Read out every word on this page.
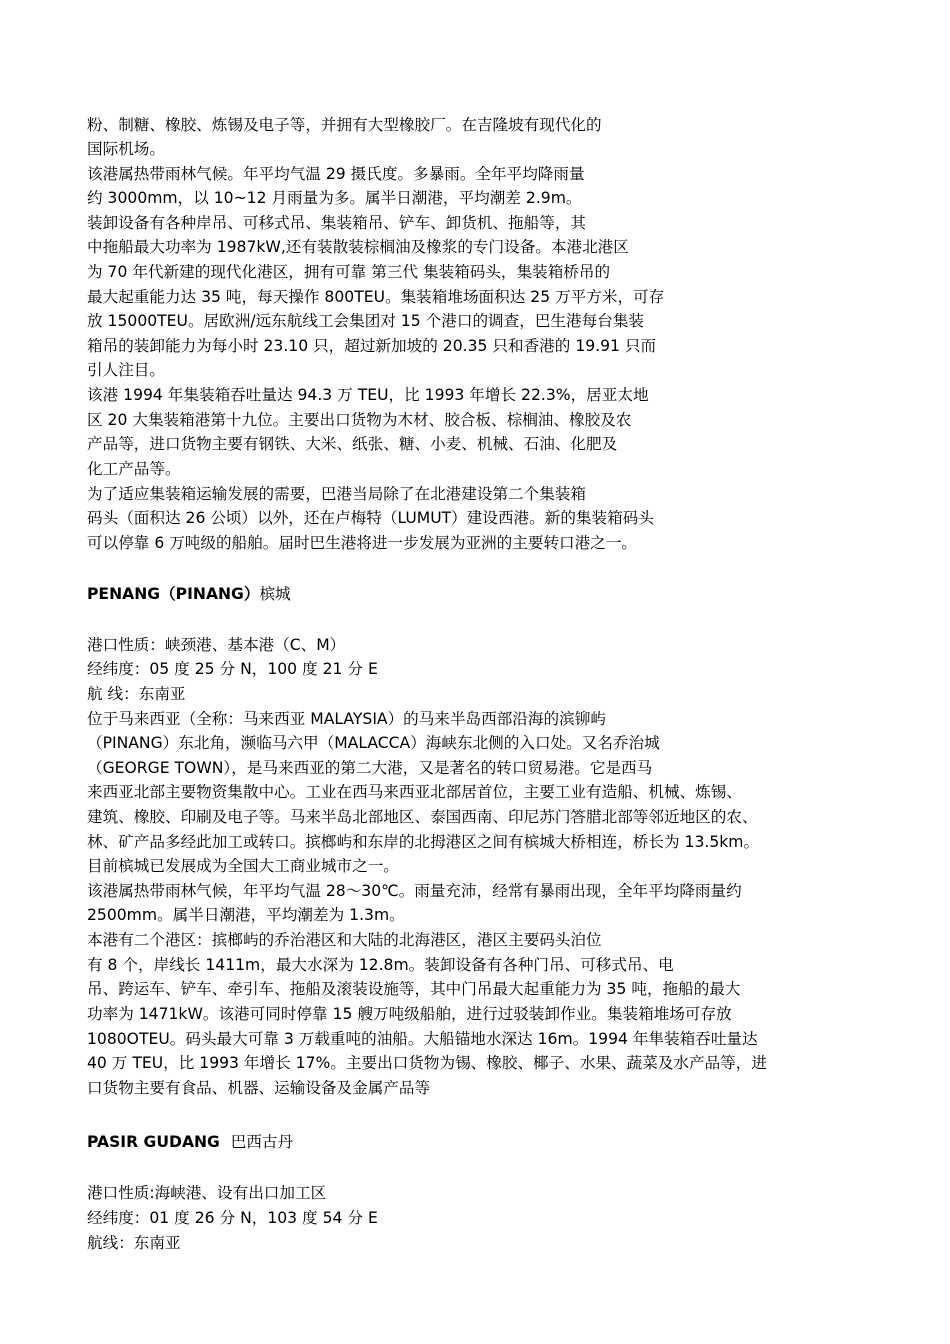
粉、制糖、橡胶、炼锡及电子等，并拥有大型橡胶厂。在吉隆坡有现代化的
国际机场。
该港属热带雨林气候。年平均气温 29 摄氏度。多暴雨。全年平均降雨量
约 3000mm，以 10~12 月雨量为多。属半日潮港，平均潮差 2.9m。
装卸设备有各种岸吊、可移式吊、集装箱吊、铲车、卸货机、拖船等，其
中拖船最大功率为 1987kW,还有装散装棕榈油及橡浆的专门设备。本港北港区
为 70 年代新建的现代化港区，拥有可靠 第三代 集装箱码头，集装箱桥吊的
最大起重能力达 35 吨，每天操作 800TEU。集装箱堆场面积达 25 万平方米，可存
放 15000TEU。居欧洲/远东航线工会集团对 15 个港口的调查，巴生港每台集装
箱吊的装卸能力为每小时 23.10 只，超过新加坡的 20.35 只和香港的 19.91 只而
引人注目。
该港 1994 年集装箱吞吐量达 94.3 万 TEU，比 1993 年增长 22.3%，居亚太地
区 20 大集装箱港第十九位。主要出口货物为木材、胶合板、棕榈油、橡胶及农
产品等，进口货物主要有钢铁、大米、纸张、糖、小麦、机械、石油、化肥及
化工产品等。
为了适应集装箱运输发展的需要，巴港当局除了在北港建设第二个集装箱
码头（面积达 26 公顷）以外，还在卢梅特（LUMUT）建设西港。新的集装箱码头
可以停靠 6 万吨级的船舶。届时巴生港将进一步发展为亚洲的主要转口港之一。
PENANG（PINANG）槟城
港口性质：峡颈港、基本港（C、M）
经纬度：05 度 25 分 N，100 度 21 分 E
航 线：东南亚
位于马来西亚（全称：马来西亚 MALAYSIA）的马来半岛西部沿海的滨铆屿
（PINANG）东北角，濒临马六甲（MALACCA）海峡东北侧的入口处。又名乔治城
（GEORGE TOWN），是马来西亚的第二大港，又是著名的转口贸易港。它是西马
来西亚北部主要物资集散中心。工业在西马来西亚北部居首位，主要工业有造船、机械、炼锡、
建筑、橡胶、印刷及电子等。马来半岛北部地区、泰国西南、印尼苏门答腊北部等邻近地区的农、
林、矿产品多经此加工或转口。摈榔屿和东岸的北拇港区之间有槟城大桥相连，桥长为 13.5km。
目前槟城已发展成为全国大工商业城市之一。
该港属热带雨林气候，年平均气温 28～30℃。雨量充沛，经常有暴雨出现，全年平均降雨量约
2500mm。属半日潮港，平均潮差为 1.3m。
本港有二个港区：摈榔屿的乔治港区和大陆的北海港区，港区主要码头泊位
有 8 个，岸线长 1411m，最大水深为 12.8m。装卸设备有各种门吊、可移式吊、电
吊、跨运车、铲车、牵引车、拖船及滚装设施等，其中门吊最大起重能力为 35 吨，拖船的最大
功率为 1471kW。该港可同时停靠 15 艘万吨级船舶，进行过驳装卸作业。集装箱堆场可存放
1080OTEU。码头最大可靠 3 万载重吨的油船。大船锚地水深达 16m。1994 年隼装箱吞吐量达
40 万 TEU，比 1993 年增长 17%。主要出口货物为锡、橡胶、椰子、水果、蔬菜及水产品等，进
口货物主要有食品、机器、运输设备及金属产品等
PASIR GUDANG 巴西古丹
港口性质:海峡港、设有出口加工区
经纬度：01 度 26 分 N，103 度 54 分 E
航线：东南亚
